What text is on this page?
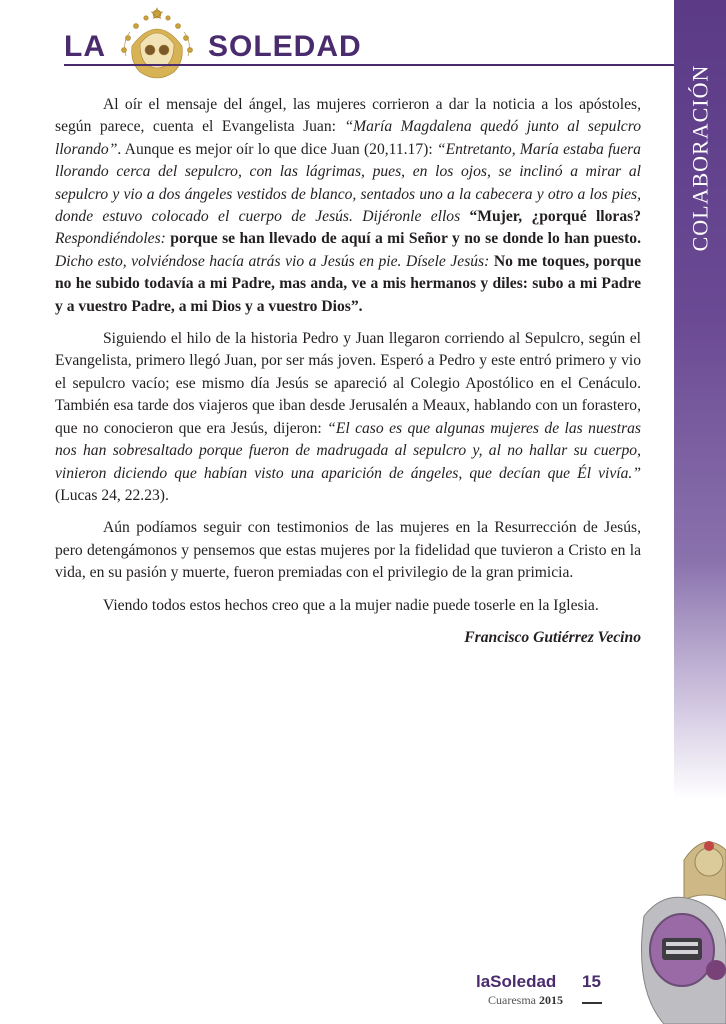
LA	SOLEDAD
COLABORACIÓN

Al oír el mensaje del ángel, las mujeres corrieron a dar la noticia a los apóstoles, según parece, cuenta el Evangelista Juan: “María Magdalena quedó junto al sepulcro llorando”. Aunque es mejor oír lo que dice Juan (20,11.17): “Entretanto, María estaba fuera llorando cerca del sepulcro, con las lágrimas, pues, en los ojos, se inclinó a mirar al sepulcro y vio a dos ángeles vestidos de blanco, sentados uno a la cabecera y otro a los pies, donde estuvo colocado el cuerpo de Jesús. Dijéronle ellos “Mujer, ¿porqué lloras? Respondiéndoles: porque se han llevado de aquí a mi Señor y no se donde lo han puesto. Dicho esto, volviéndose hacía atrás vio a Jesús en pie. Dísele Jesús: No me toques, porque no he subido todavía a mi Padre, mas anda, ve a mis hermanos y diles: subo a mi Padre y a vuestro Padre, a mi Dios y a vuestro Dios”.

Siguiendo el hilo de la historia Pedro y Juan llegaron corriendo al Sepulcro, según el Evangelista, primero llegó Juan, por ser más joven. Esperó a Pedro y este entró primero y vio el sepulcro vacío; ese mismo día Jesús se apareció al Colegio Apostólico en el Cenáculo. También esa tarde dos viajeros que iban desde Jerusalén a Meaux, hablando con un forastero, que no conocieron que era Jesús, dijeron: “El caso es que algunas mujeres de las nuestras nos han sobresaltado porque fueron de madrugada al sepulcro y, al no hallar su cuerpo, vinieron diciendo que habían visto una aparición de ángeles, que decían que Él vivía.” (Lucas 24, 22.23).

Aún podíamos seguir con testimonios de las mujeres en la Resurrección de Jesús, pero detengámonos y pensemos que estas mujeres por la fidelidad que tuvieron a Cristo en la vida, en su pasión y muerte, fueron premiadas con el privilegio de la gran primicia.

Viendo todos estos hechos creo que a la mujer nadie puede toserle en la Iglesia.

Francisco Gutiérrez Vecino

laSoledad 15
Cuaresma 2015
